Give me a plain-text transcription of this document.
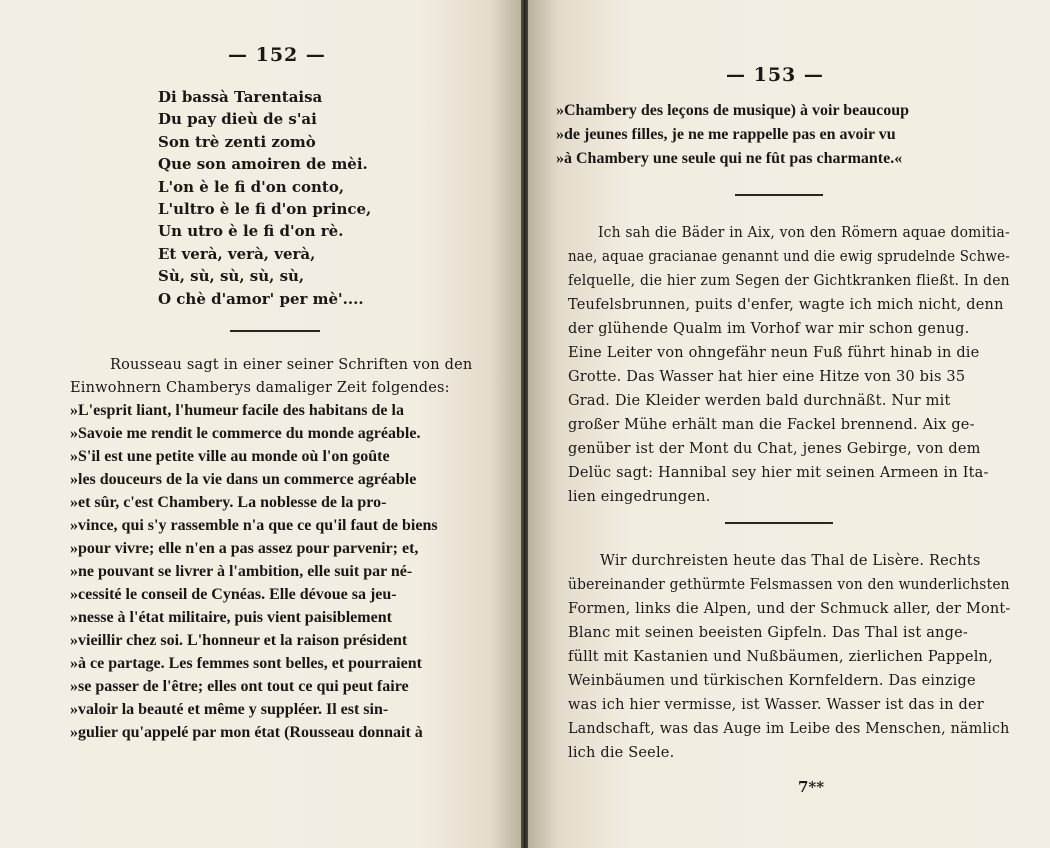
— 152 —
Di bassà Tarentaisa
Du pay dieù de s'ai
Son trè zenti zomò
Que son amoiren de mèi.
L'on è le fi d'on conto,
L'ultro è le fi d'on prince,
Un utro è le fi d'on rè.
Et verà, verà, verà,
Sù, sù, sù, sù, sù,
O chè d'amor' per mè'....
Rousseau sagt in einer seiner Schriften von den
Einwohnern Chamberys damaliger Zeit folgendes:
»L'esprit liant, l'humeur facile des habitans de la
»Savoie me rendit le commerce du monde agréable.
»S'il est une petite ville au monde où l'on goûte
»les douceurs de la vie dans un commerce agréable
»et sûr, c'est Chambery. La noblesse de la pro-
»vince, qui s'y rassemble n'a que ce qu'il faut de biens
»pour vivre; elle n'en a pas assez pour parvenir; et,
»ne pouvant se livrer à l'ambition, elle suit par né-
»cessité le conseil de Cynéas. Elle dévoue sa jeu-
»nesse à l'état militaire, puis vient paisiblement
»vieillir chez soi. L'honneur et la raison président
»à ce partage. Les femmes sont belles, et pourraient
»se passer de l'être; elles ont tout ce qui peut faire
»valoir la beauté et même y suppléer. Il est sin-
»gulier qu'appelé par mon état (Rousseau donnait à
— 153 —
»Chambery des leçons de musique) à voir beaucoup
»de jeunes filles, je ne me rappelle pas en avoir vu
»à Chambery une seule qui ne fût pas charmante.«
Ich sah die Bäder in Aix, von den Römern aquae domitia-
nae, aquae gracianae genannt und die ewig sprudelnde Schwe-
felquelle, die hier zum Segen der Gichtkranken fließt. In den
Teufelsbrunnen, puits d'enfer, wagte ich mich nicht, denn
der glühende Qualm im Vorhof war mir schon genug.
Eine Leiter von ohngefähr neun Fuß führt hinab in die
Grotte. Das Wasser hat hier eine Hitze von 30 bis 35
Grad. Die Kleider werden bald durchnäßt. Nur mit
großer Mühe erhält man die Fackel brennend. Aix ge-
genüber ist der Mont du Chat, jenes Gebirge, von dem
Delüc sagt: Hannibal sey hier mit seinen Armeen in Ita-
lien eingedrungen.
Wir durchreisten heute das Thal de Lisère. Rechts
übereinander gethürmte Felsmassen von den wunderlichsten
Formen, links die Alpen, und der Schmuck aller, der Mont-
Blanc mit seinen beeisten Gipfeln. Das Thal ist ange-
füllt mit Kastanien und Nußbäumen, zierlichen Pappeln,
Weinbäumen und türkischen Kornfeldern. Das einzige
was ich hier vermisse, ist Wasser. Wasser ist das in der
Landschaft, was das Auge im Leibe des Menschen, nämlich
lich die Seele.
7**
